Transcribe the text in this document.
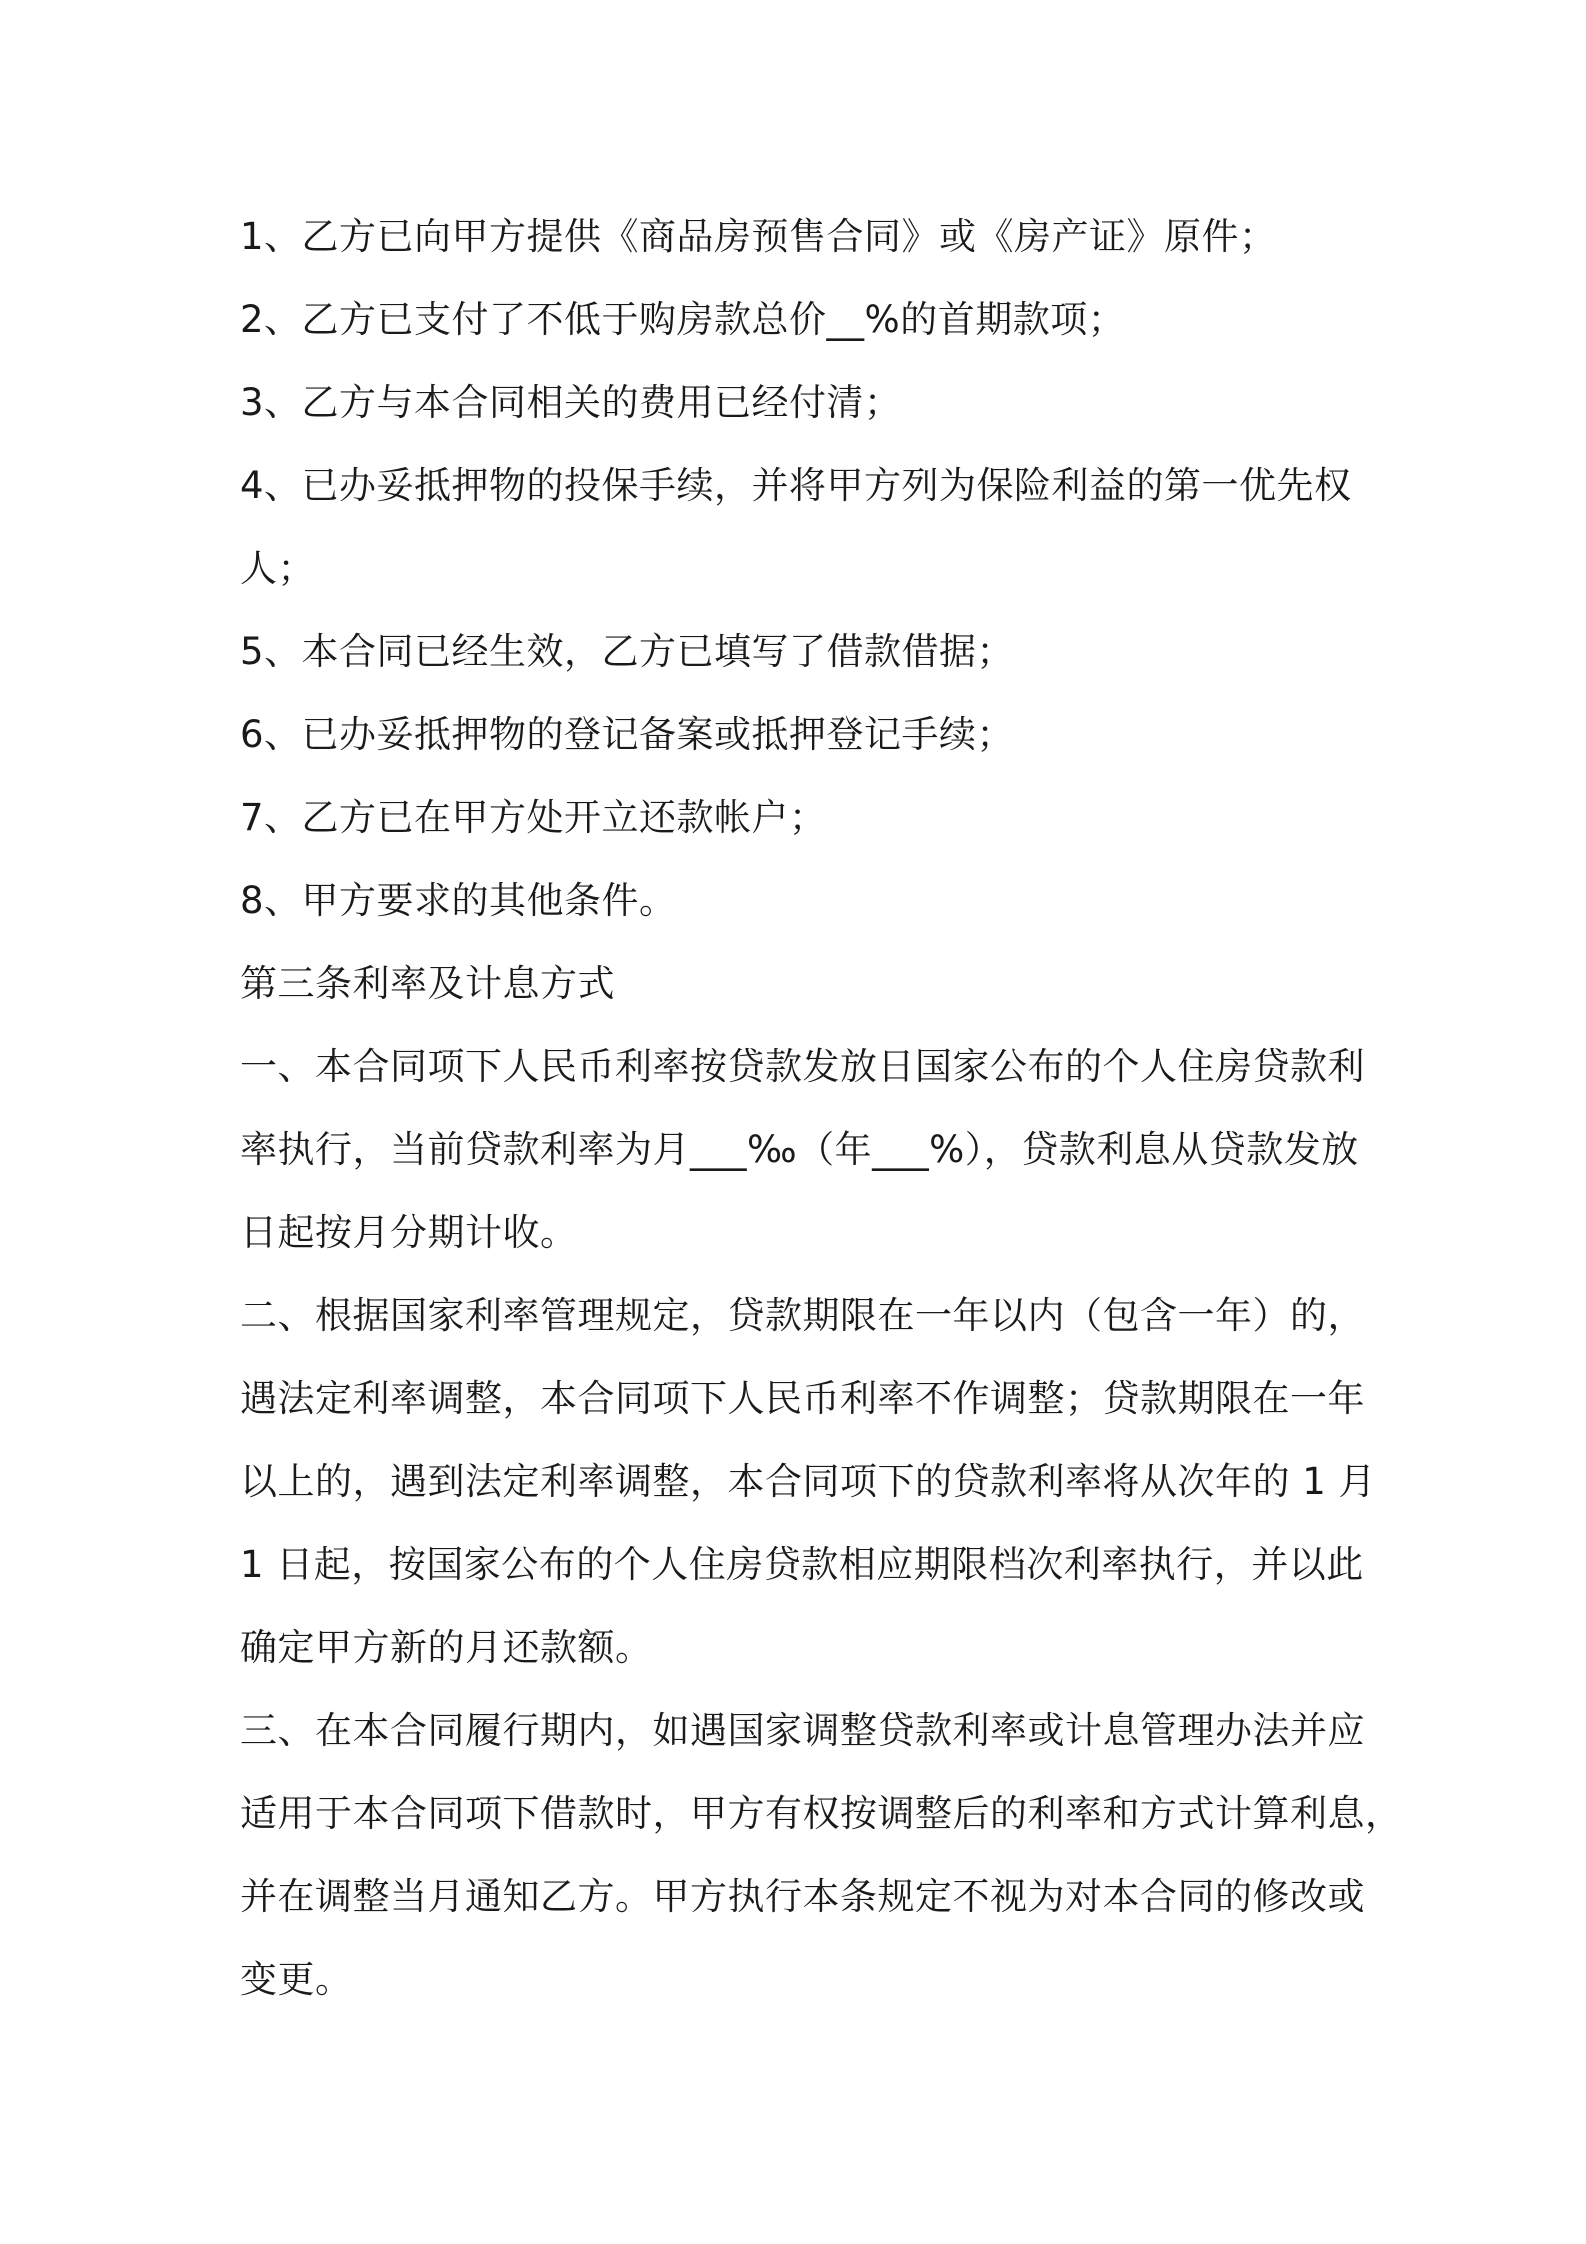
1、乙方已向甲方提供《商品房预售合同》或《房产证》原件；
2、乙方已支付了不低于购房款总价__%的首期款项；
3、乙方与本合同相关的费用已经付清；
4、已办妥抵押物的投保手续，并将甲方列为保险利益的第一优先权
人；
5、本合同已经生效，乙方已填写了借款借据；
6、已办妥抵押物的登记备案或抵押登记手续；
7、乙方已在甲方处开立还款帐户；
8、甲方要求的其他条件。
第三条利率及计息方式
一、本合同项下人民币利率按贷款发放日国家公布的个人住房贷款利
率执行，当前贷款利率为月___‰（年___%），贷款利息从贷款发放
日起按月分期计收。
二、根据国家利率管理规定，贷款期限在一年以内（包含一年）的，
遇法定利率调整，本合同项下人民币利率不作调整；贷款期限在一年
以上的，遇到法定利率调整，本合同项下的贷款利率将从次年的 1 月
1 日起，按国家公布的个人住房贷款相应期限档次利率执行，并以此
确定甲方新的月还款额。
三、在本合同履行期内，如遇国家调整贷款利率或计息管理办法并应
适用于本合同项下借款时，甲方有权按调整后的利率和方式计算利息，
并在调整当月通知乙方。甲方执行本条规定不视为对本合同的修改或
变更。
